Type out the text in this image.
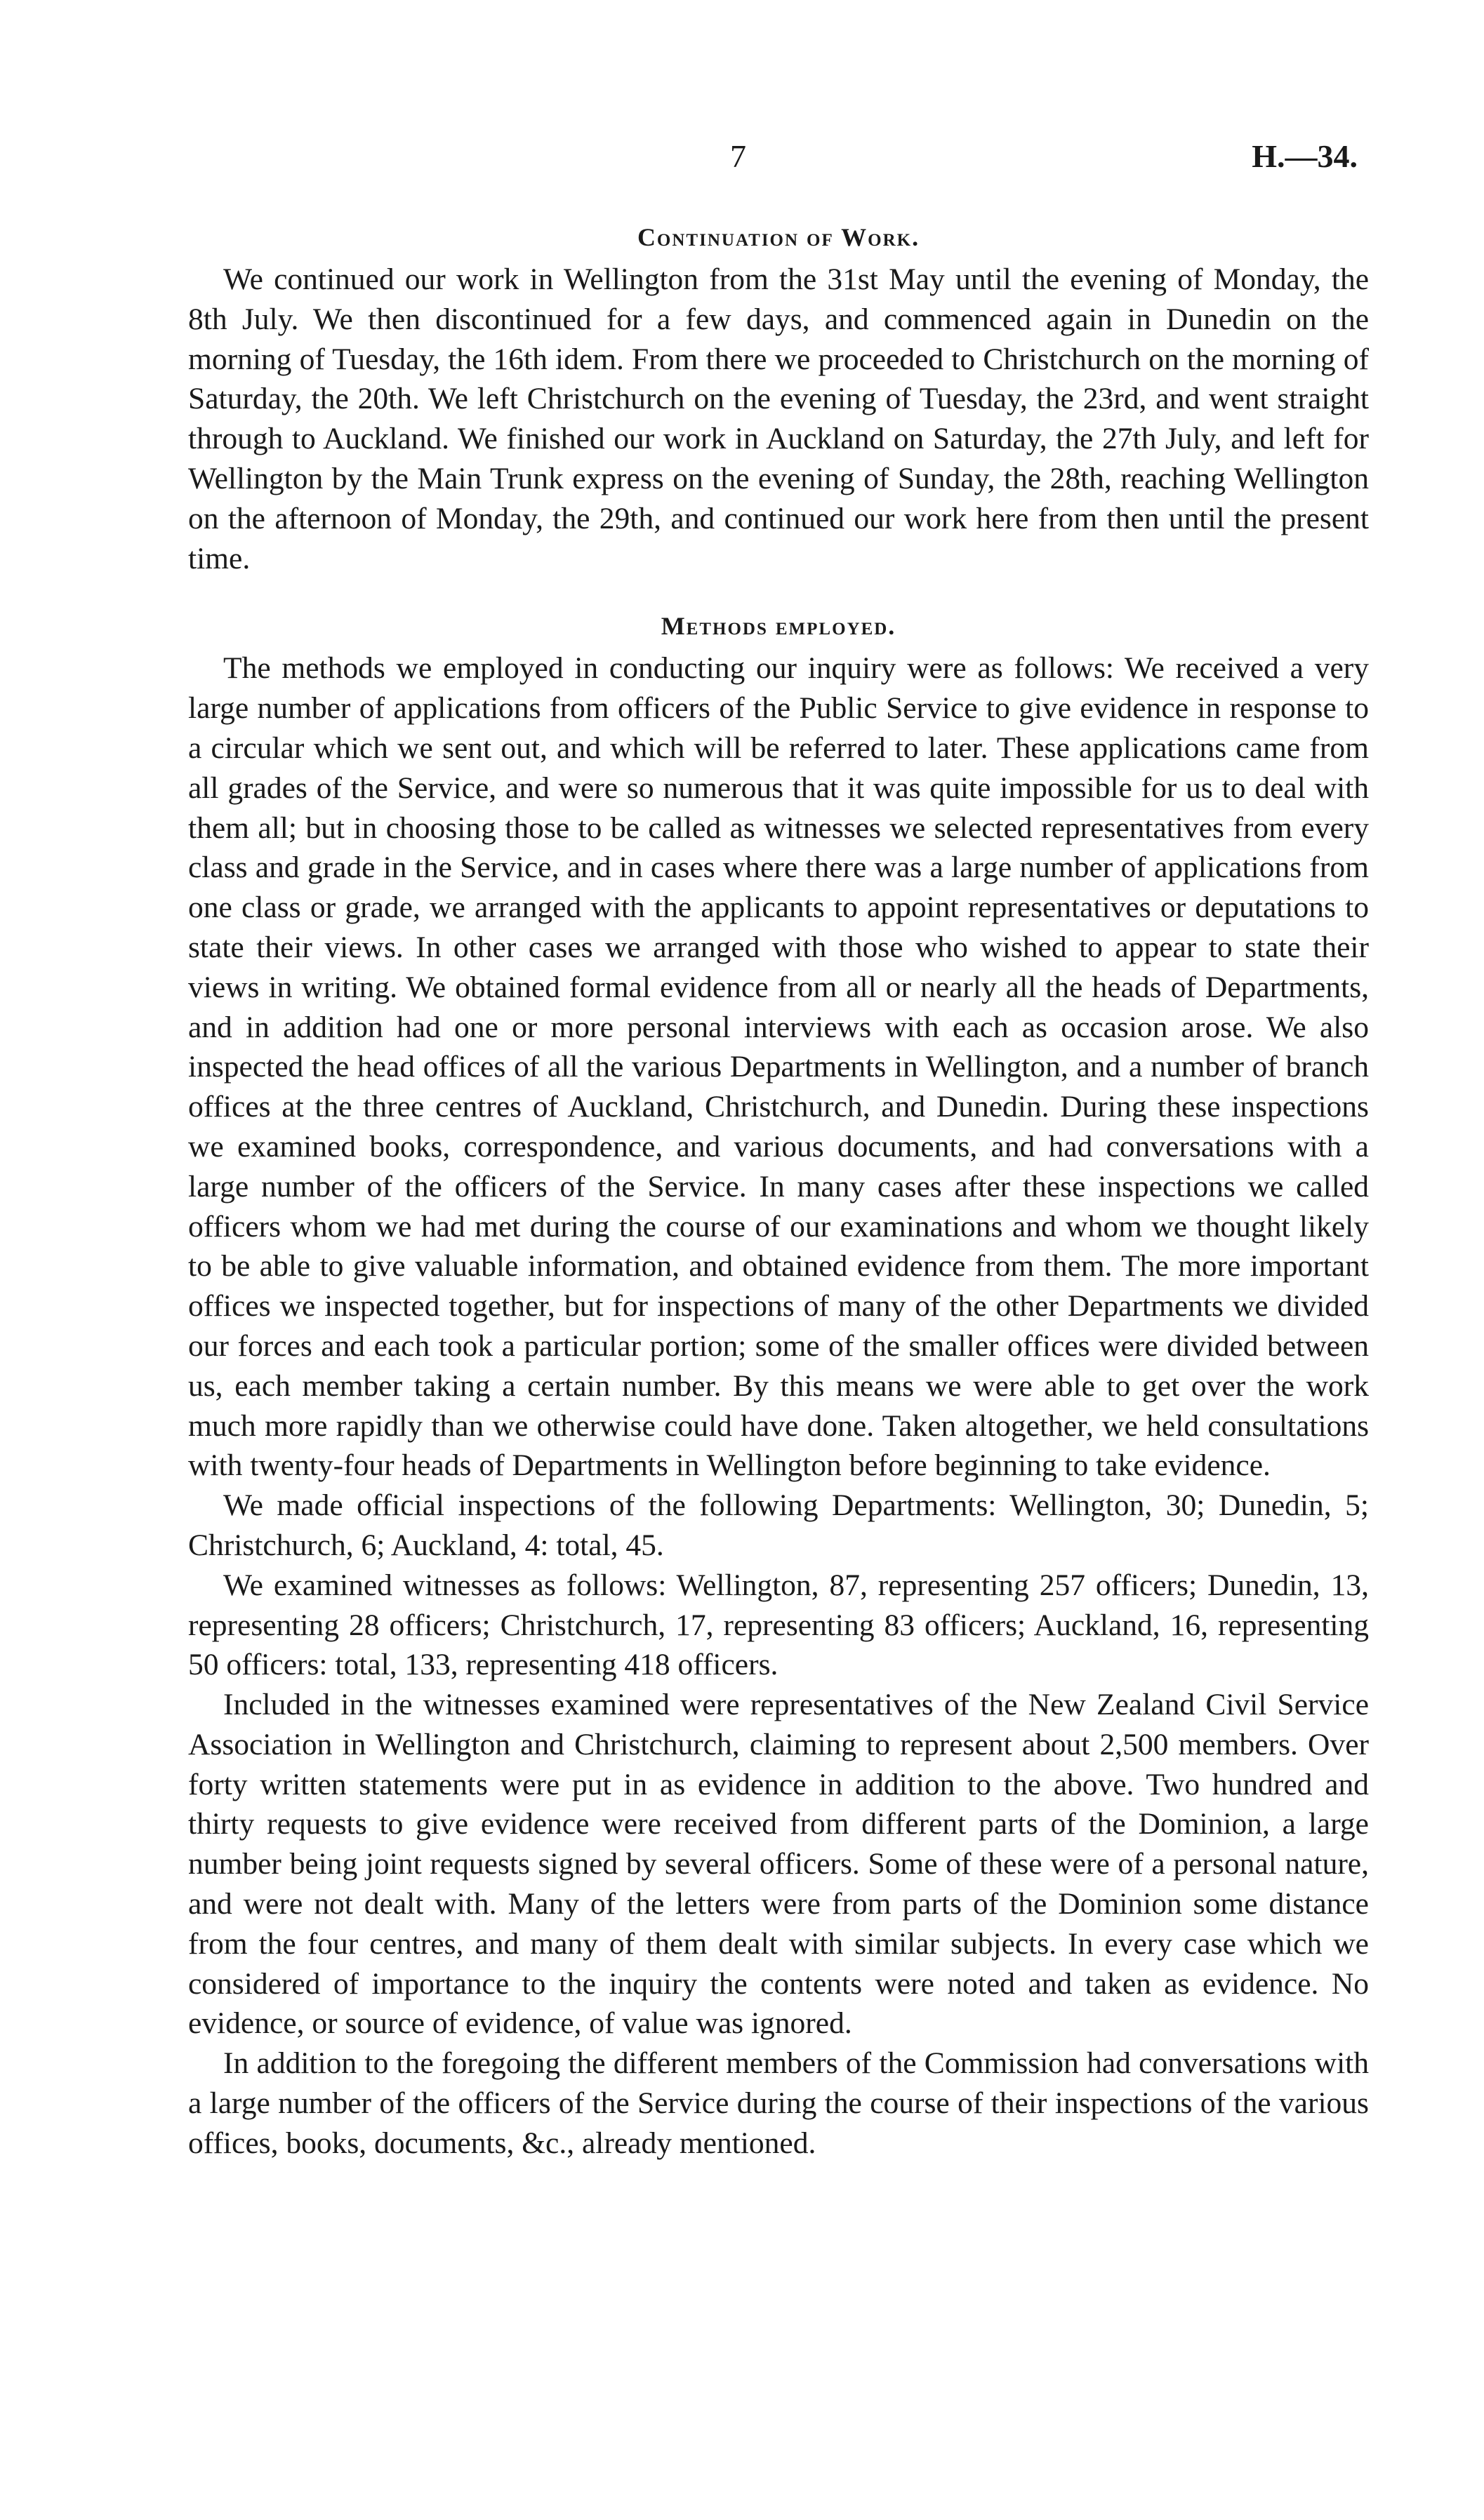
7	H.—34.
Continuation of Work.

We continued our work in Wellington from the 31st May until the evening of Monday, the 8th July. We then discontinued for a few days, and commenced again in Dunedin on the morning of Tuesday, the 16th idem. From there we proceeded to Christchurch on the morning of Saturday, the 20th. We left Christchurch on the evening of Tuesday, the 23rd, and went straight through to Auckland. We finished our work in Auckland on Saturday, the 27th July, and left for Wellington by the Main Trunk express on the evening of Sunday, the 28th, reaching Wellington on the afternoon of Monday, the 29th, and continued our work here from then until the present time.

Methods employed.

The methods we employed in conducting our inquiry were as follows: We received a very large number of applications from officers of the Public Service to give evidence in response to a circular which we sent out, and which will be referred to later. These applications came from all grades of the Service, and were so numerous that it was quite impossible for us to deal with them all; but in choosing those to be called as witnesses we selected representatives from every class and grade in the Service, and in cases where there was a large number of applications from one class or grade, we arranged with the applicants to appoint representatives or deputations to state their views. In other cases we arranged with those who wished to appear to state their views in writing. We obtained formal evidence from all or nearly all the heads of Departments, and in addition had one or more personal interviews with each as occasion arose. We also inspected the head offices of all the various Departments in Wellington, and a number of branch offices at the three centres of Auckland, Christchurch, and Dunedin. During these inspections we examined books, correspondence, and various documents, and had conversations with a large number of the officers of the Service. In many cases after these inspections we called officers whom we had met during the course of our examinations and whom we thought likely to be able to give valuable information, and obtained evidence from them. The more important offices we inspected together, but for inspections of many of the other Departments we divided our forces and each took a particular portion; some of the smaller offices were divided between us, each member taking a certain number. By this means we were able to get over the work much more rapidly than we otherwise could have done. Taken altogether, we held consultations with twenty-four heads of Departments in Wellington before beginning to take evidence.

We made official inspections of the following Departments: Wellington, 30; Dunedin, 5; Christchurch, 6; Auckland, 4: total, 45.

We examined witnesses as follows: Wellington, 87, representing 257 officers; Dunedin, 13, representing 28 officers; Christchurch, 17, representing 83 officers; Auckland, 16, representing 50 officers: total, 133, representing 418 officers.

Included in the witnesses examined were representatives of the New Zealand Civil Service Association in Wellington and Christchurch, claiming to represent about 2,500 members. Over forty written statements were put in as evidence in addition to the above. Two hundred and thirty requests to give evidence were received from different parts of the Dominion, a large number being joint requests signed by several officers. Some of these were of a personal nature, and were not dealt with. Many of the letters were from parts of the Dominion some distance from the four centres, and many of them dealt with similar subjects. In every case which we considered of importance to the inquiry the contents were noted and taken as evidence. No evidence, or source of evidence, of value was ignored.

In addition to the foregoing the different members of the Commission had conversations with a large number of the officers of the Service during the course of their inspections of the various offices, books, documents, &c., already mentioned.
